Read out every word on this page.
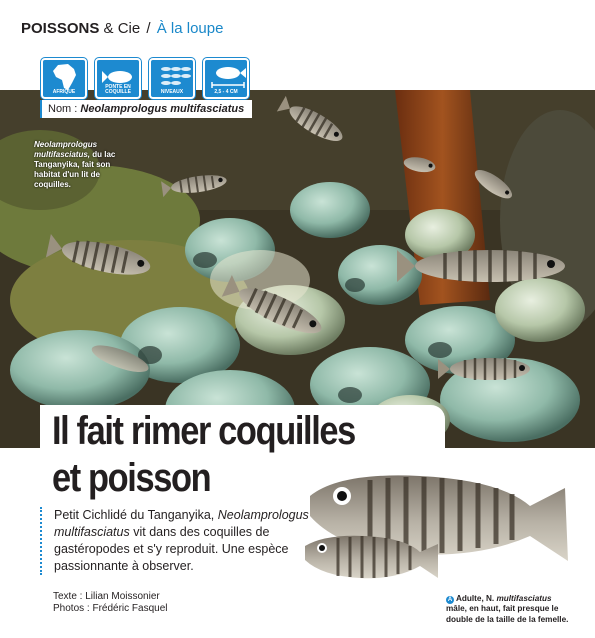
POISSONS & Cie / À la loupe
AFRIQUE
PONTE EN COQUILLE	NIVEAUX	2,5 - 4 CM
Nom : Neolamprologus multifasciatus
Neolamprologus multifasciatus, du lac Tanganyika, fait son habitat d'un lit de coquilles.
Il fait rimer coquilles
et poisson
Petit Cichlidé du Tanganyika, Neolamprologus multifasciatus vit dans des coquilles de gastéropodes et s'y reproduit. Une espèce passionnante à observer.
Texte : Lilian Moissonier
Photos : Frédéric Fasquel
A Adulte, N. multifasciatus mâle, en haut, fait presque le double de la taille de la femelle.
